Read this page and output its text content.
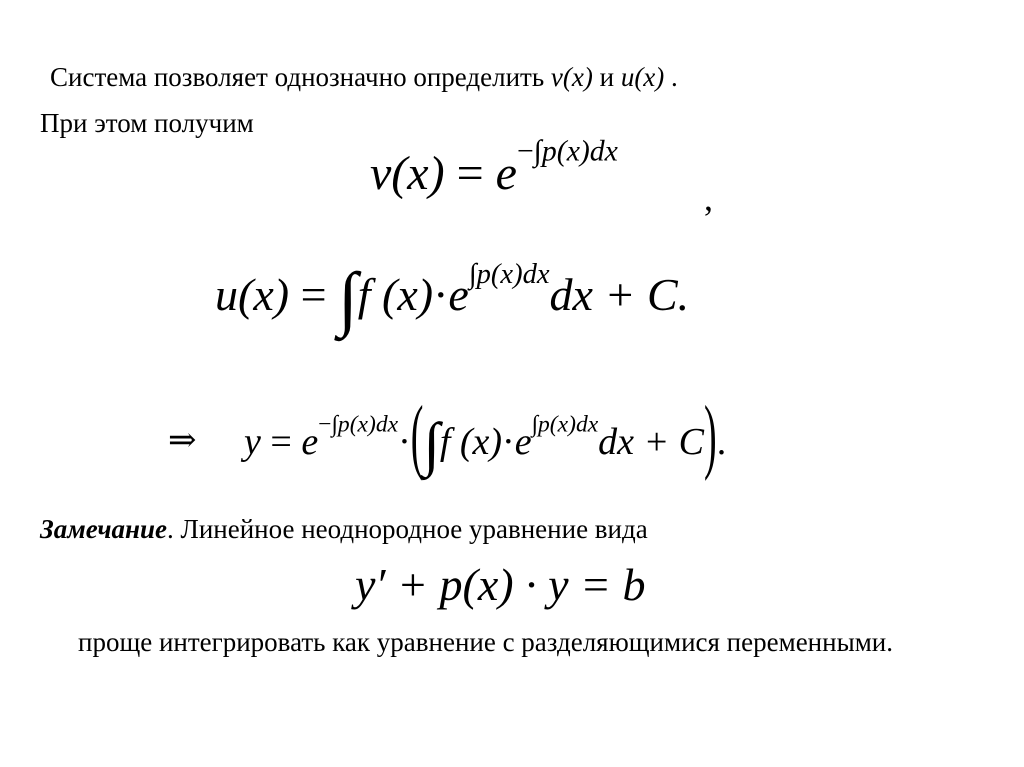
Система позволяет однозначно определить v(x) и u(x) .
При этом получим
$v(x) = e^{-\int p(x)dx}$
,
u(x) = ∫f $(x)\cdot e^{\int p(x)dx}dx + C$.
⇒ $y = e^{-\int p(x)dx}\cdot(\int f$ $(x)\cdot e^{\int p(x)dx}dx + C$).
Замечание. Линейное неоднородное уравнение вида
y′ + p(x) · y = b
проще интегрировать как уравнение с разделяющимися переменными.
